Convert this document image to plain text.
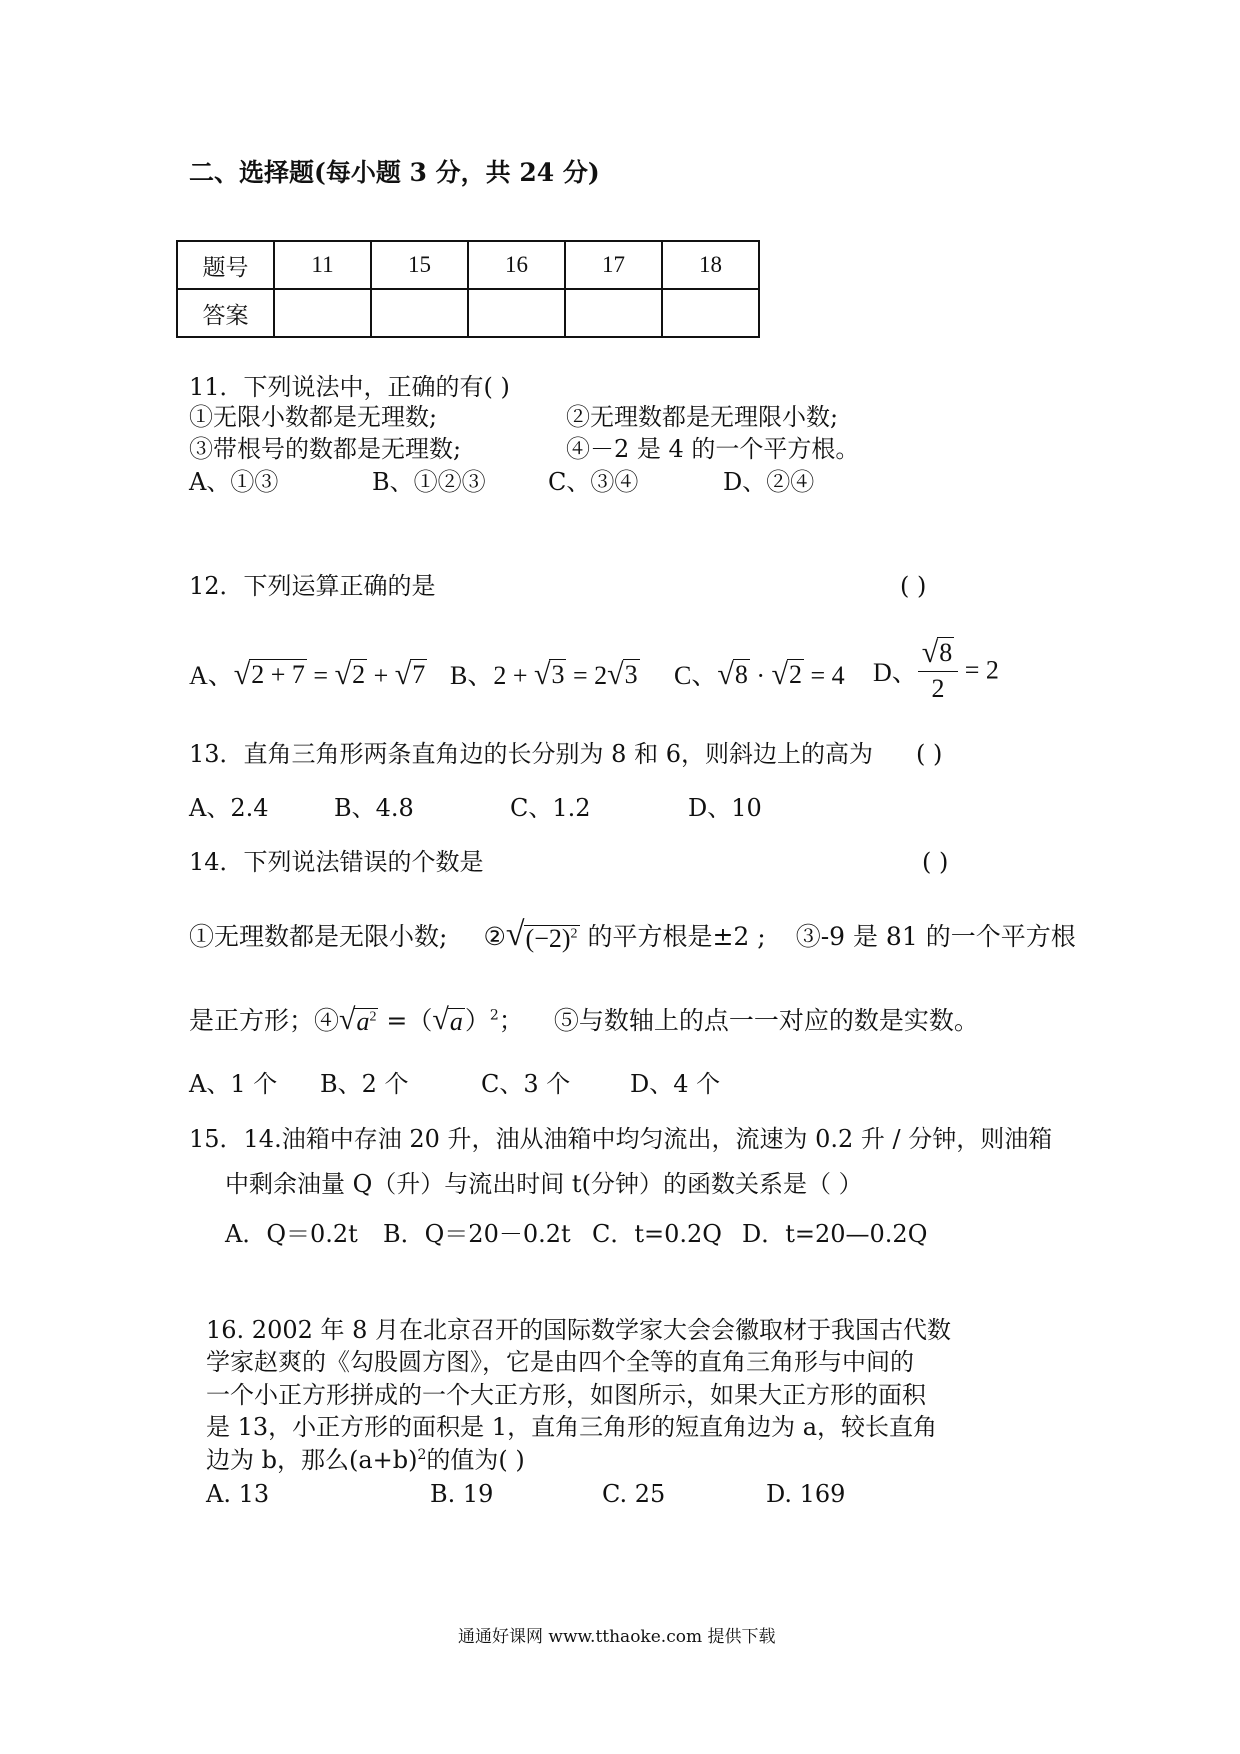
二、选择题(每小题 3 分，共 24 分)
题号	11	15	16	17	18
答案					
11．下列说法中，正确的有( )
①无限小数都是无理数;	②无理数都是无理限小数;
③带根号的数都是无理数;	④－2 是 4 的一个平方根。
A、①③	B、①②③	C、③④	D、②④
12．下列运算正确的是	( )
A、 √ 2 + 7 = √ 2 + √ 7 B、2 + √ 3 = 2 √ 3 C、 √ 8 · √ 2 = 4 D、 $\frac{√ 8}{2} = 2$
13．直角三角形两条直角边的长分别为 8 和 6，则斜边上的高为 ( )
A、2.4	B、4.8	C、1.2	D、10
14．下列说法错误的个数是	( )
①无理数都是无限小数; ② √ $(-2)^2$ 的平方根是±2 ; ③-9 是 81 的一个平方根
是正方形；④ √ $a^2$ =（ √ a ）$^2$； ⑤与数轴上的点一一对应的数是实数。
A、1 个 B、2 个	C、3 个 D、4 个
15．14.油箱中存油 20 升，油从油箱中均匀流出，流速为 0.2 升 / 分钟，则油箱
中剩余油量 Q（升）与流出时间 t(分钟）的函数关系是（ ）
A．Q＝0.2t B．Q＝20－0.2t C．t=0.2Q D．t=20—0.2Q
16. 2002 年 8 月在北京召开的国际数学家大会会徽取材于我国古代数
学家赵爽的《勾股圆方图》，它是由四个全等的直角三角形与中间的
一个小正方形拼成的一个大正方形，如图所示，如果大正方形的面积
是 13，小正方形的面积是 1，直角三角形的短直角边为 a，较长直角
边为 b，那么$(a+b)^2$的值为( )
A. 13	B. 19	C. 25	D. 169
通通好课网 www.tthaoke.com 提供下载
